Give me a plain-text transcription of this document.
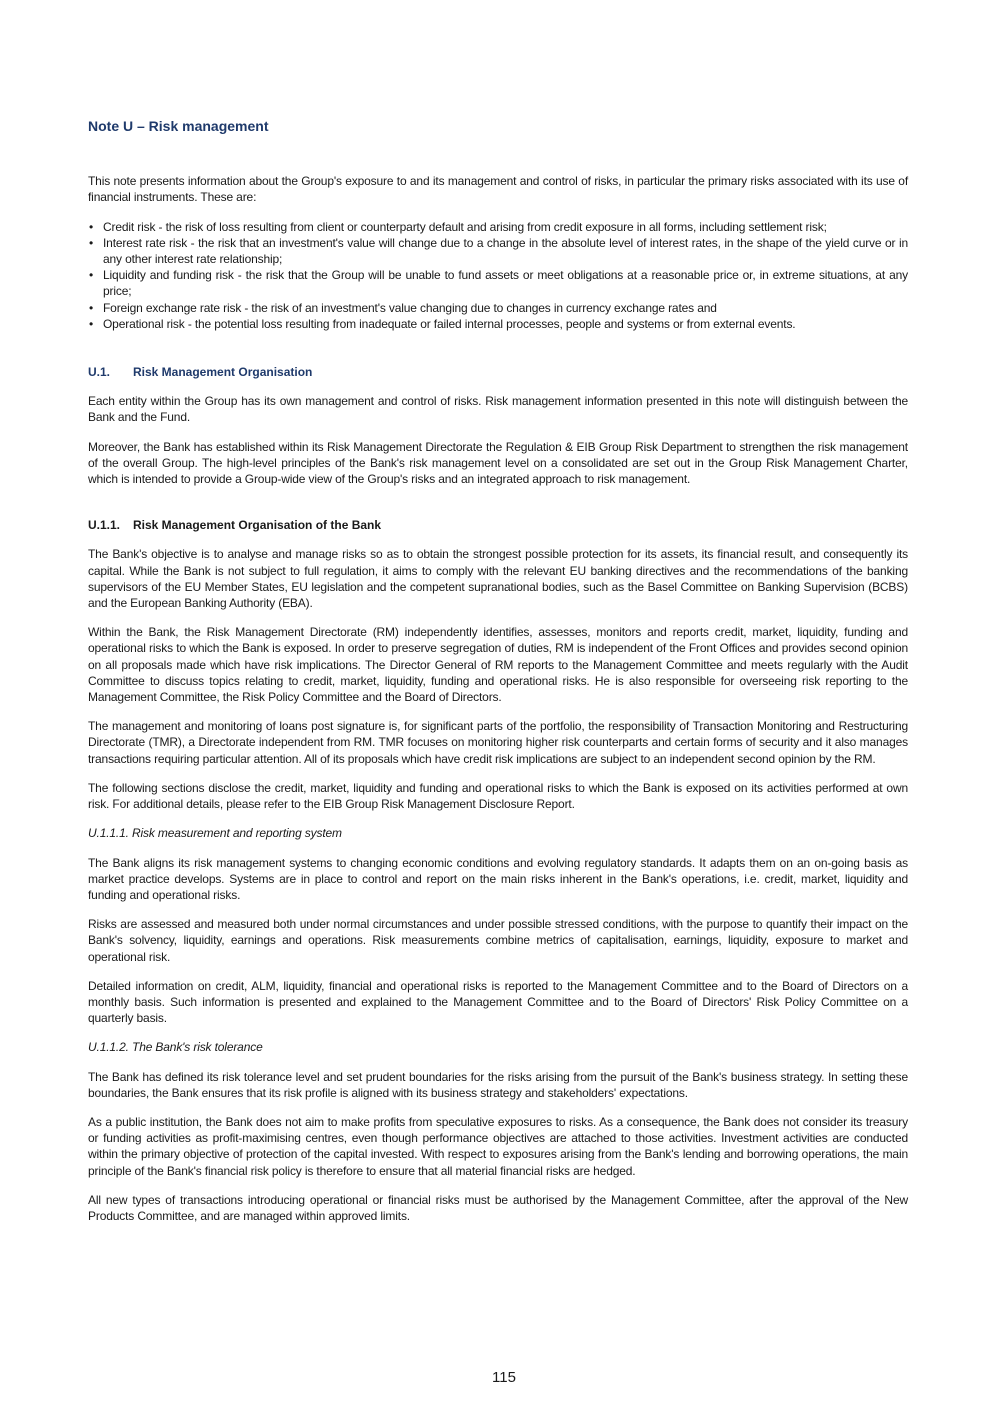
Note U – Risk management

This note presents information about the Group's exposure to and its management and control of risks, in particular the primary risks associated with its use of financial instruments. These are:

• Credit risk - the risk of loss resulting from client or counterparty default and arising from credit exposure in all forms, including settlement risk;
• Interest rate risk - the risk that an investment's value will change due to a change in the absolute level of interest rates, in the shape of the yield curve or in any other interest rate relationship;
• Liquidity and funding risk - the risk that the Group will be unable to fund assets or meet obligations at a reasonable price or, in extreme situations, at any price;
• Foreign exchange rate risk - the risk of an investment's value changing due to changes in currency exchange rates and
• Operational risk - the potential loss resulting from inadequate or failed internal processes, people and systems or from external events.
U.1. Risk Management Organisation

Each entity within the Group has its own management and control of risks. Risk management information presented in this note will distinguish between the Bank and the Fund.

Moreover, the Bank has established within its Risk Management Directorate the Regulation & EIB Group Risk Department to strengthen the risk management of the overall Group. The high-level principles of the Bank's risk management level on a consolidated are set out in the Group Risk Management Charter, which is intended to provide a Group-wide view of the Group's risks and an integrated approach to risk management.

U.1.1. Risk Management Organisation of the Bank

The Bank's objective is to analyse and manage risks so as to obtain the strongest possible protection for its assets, its financial result, and consequently its capital. While the Bank is not subject to full regulation, it aims to comply with the relevant EU banking directives and the recommendations of the banking supervisors of the EU Member States, EU legislation and the competent supranational bodies, such as the Basel Committee on Banking Supervision (BCBS) and the European Banking Authority (EBA).

Within the Bank, the Risk Management Directorate (RM) independently identifies, assesses, monitors and reports credit, market, liquidity, funding and operational risks to which the Bank is exposed. In order to preserve segregation of duties, RM is independent of the Front Offices and provides second opinion on all proposals made which have risk implications. The Director General of RM reports to the Management Committee and meets regularly with the Audit Committee to discuss topics relating to credit, market, liquidity, funding and operational risks. He is also responsible for overseeing risk reporting to the Management Committee, the Risk Policy Committee and the Board of Directors.

The management and monitoring of loans post signature is, for significant parts of the portfolio, the responsibility of Transaction Monitoring and Restructuring Directorate (TMR), a Directorate independent from RM. TMR focuses on monitoring higher risk counterparts and certain forms of security and it also manages transactions requiring particular attention. All of its proposals which have credit risk implications are subject to an independent second opinion by the RM.

The following sections disclose the credit, market, liquidity and funding and operational risks to which the Bank is exposed on its activities performed at own risk. For additional details, please refer to the EIB Group Risk Management Disclosure Report.

U.1.1.1. Risk measurement and reporting system

The Bank aligns its risk management systems to changing economic conditions and evolving regulatory standards. It adapts them on an on-going basis as market practice develops. Systems are in place to control and report on the main risks inherent in the Bank's operations, i.e. credit, market, liquidity and funding and operational risks.

Risks are assessed and measured both under normal circumstances and under possible stressed conditions, with the purpose to quantify their impact on the Bank's solvency, liquidity, earnings and operations. Risk measurements combine metrics of capitalisation, earnings, liquidity, exposure to market and operational risk.

Detailed information on credit, ALM, liquidity, financial and operational risks is reported to the Management Committee and to the Board of Directors on a monthly basis. Such information is presented and explained to the Management Committee and to the Board of Directors' Risk Policy Committee on a quarterly basis.

U.1.1.2. The Bank's risk tolerance

The Bank has defined its risk tolerance level and set prudent boundaries for the risks arising from the pursuit of the Bank's business strategy. In setting these boundaries, the Bank ensures that its risk profile is aligned with its business strategy and stakeholders' expectations.

As a public institution, the Bank does not aim to make profits from speculative exposures to risks. As a consequence, the Bank does not consider its treasury or funding activities as profit-maximising centres, even though performance objectives are attached to those activities. Investment activities are conducted within the primary objective of protection of the capital invested. With respect to exposures arising from the Bank's lending and borrowing operations, the main principle of the Bank's financial risk policy is therefore to ensure that all material financial risks are hedged.

All new types of transactions introducing operational or financial risks must be authorised by the Management Committee, after the approval of the New Products Committee, and are managed within approved limits.

115
